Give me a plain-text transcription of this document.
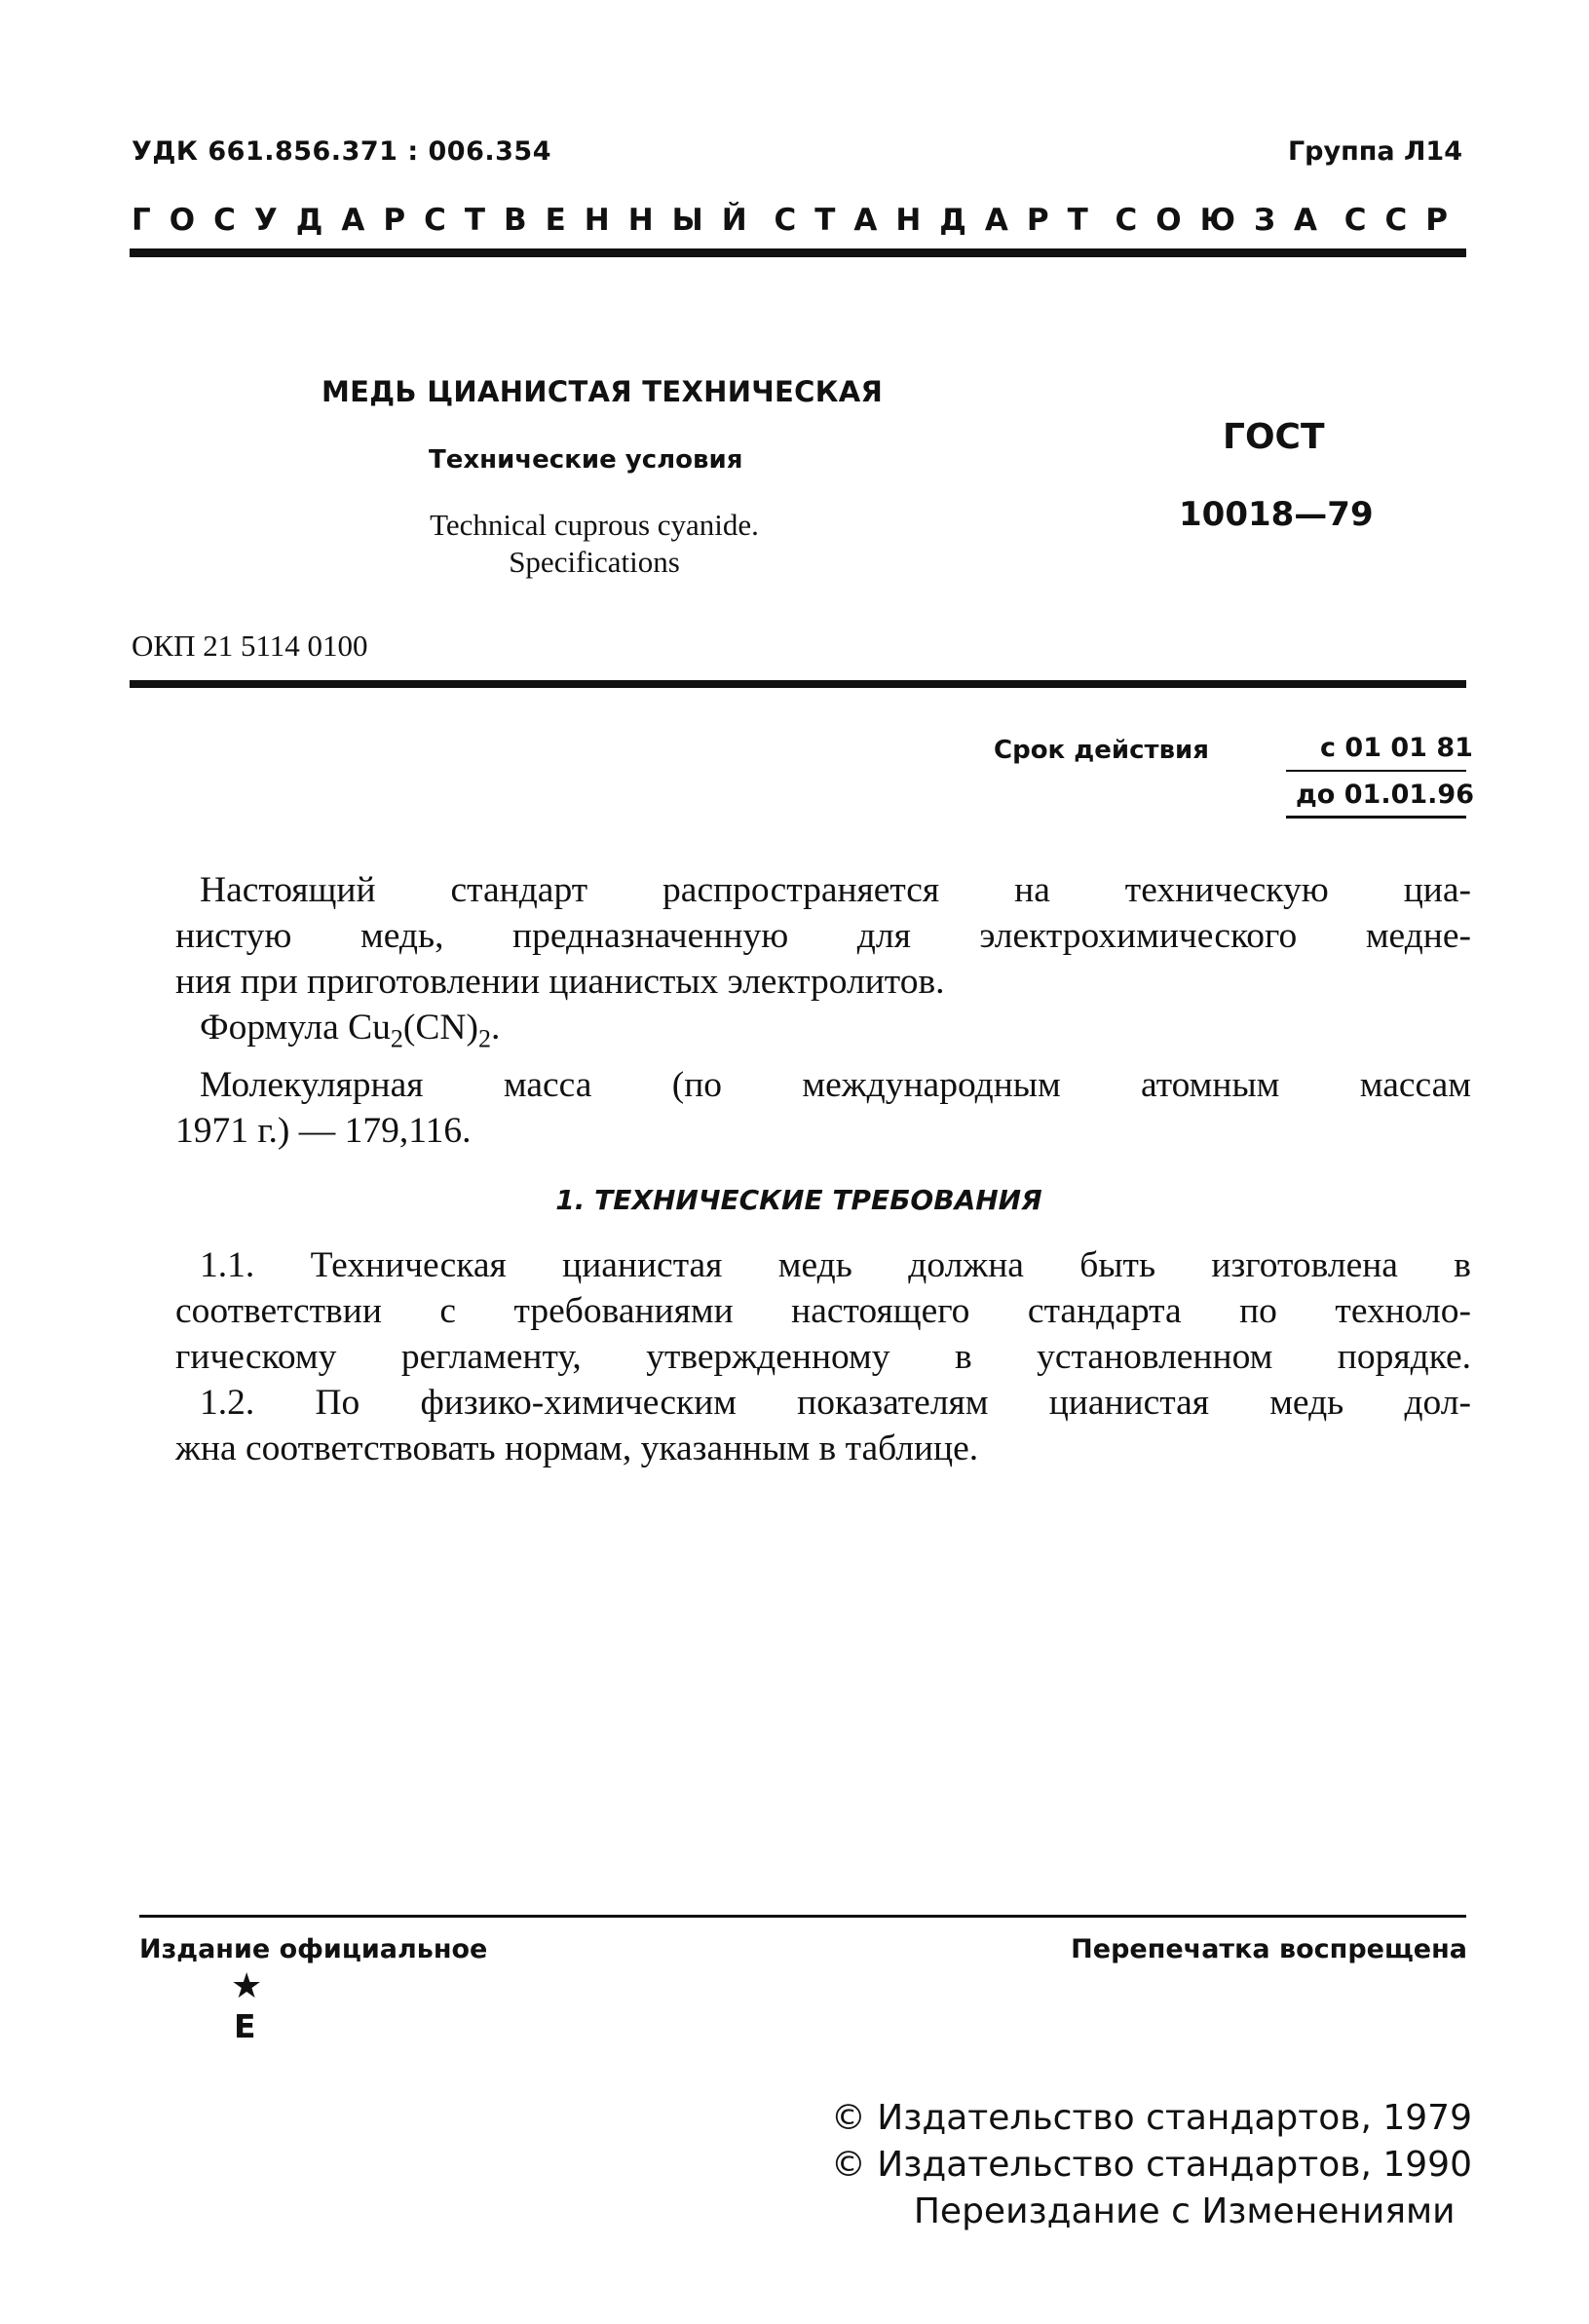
УДК 661.856.371 : 006.354	Группа Л14
ГОСУДАРСТВЕННЫЙ СТАНДАРТ СОЮЗА ССР
МЕДЬ ЦИАНИСТАЯ ТЕХНИЧЕСКАЯ
Технические условия
Technical cuprous cyanide.
Specifications
ГОСТ
10018—79
ОКП 21 5114 0100
Срок действия	с 01 01 81
до 01.01.96
Настоящий стандарт распространяется на техническую циа-
нистую медь, предназначенную для электрохимического медне-
ния при приготовлении цианистых электролитов.
Формула $Cu_2(CN)_2$.
Молекулярная масса (по международным атомным массам
1971 г.) — 179,116.
1. ТЕХНИЧЕСКИЕ ТРЕБОВАНИЯ
1.1. Техническая цианистая медь должна быть изготовлена в
соответствии с требованиями настоящего стандарта по техноло-
гическому регламенту, утвержденному в установленном порядке.
1.2. По физико-химическим показателям цианистая медь дол-
жна соответствовать нормам, указанным в таблице.
Издание официальное	Перепечатка воспрещена
★
Е
© Издательство стандартов, 1979
© Издательство стандартов, 1990
Переиздание с Изменениями
